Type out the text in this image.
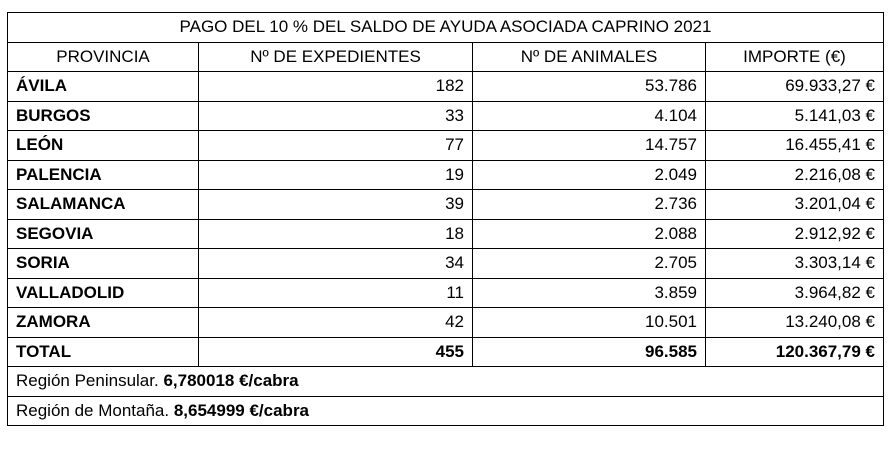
PAGO DEL 10 % DEL SALDO DE AYUDA ASOCIADA CAPRINO 2021			
PROVINCIA	Nº DE EXPEDIENTES	Nº DE ANIMALES	IMPORTE (€)
ÁVILA	182	53.786	69.933,27 €
BURGOS	33	4.104	5.141,03 €
LEÓN	77	14.757	16.455,41 €
PALENCIA	19	2.049	2.216,08 €
SALAMANCA	39	2.736	3.201,04 €
SEGOVIA	18	2.088	2.912,92 €
SORIA	34	2.705	3.303,14 €
VALLADOLID	11	3.859	3.964,82 €
ZAMORA	42	10.501	13.240,08 €
TOTAL	455	96.585	120.367,79 €
Región Peninsular. 6,780018 €/cabra			
Región de Montaña. 8,654999 €/cabra			
